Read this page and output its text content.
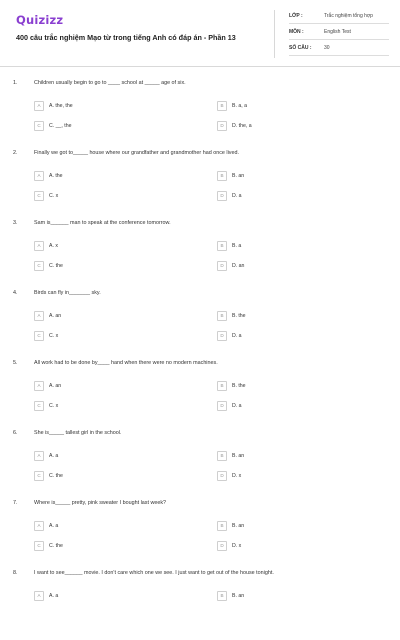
Quizizz
400 câu trắc nghiệm Mạo từ trong tiếng Anh có đáp án - Phần 13
LỚP :	Trắc nghiệm tổng hợp
MÔN :	English Test
SỐ CÂU :	30
1.	Children usually begin to go to ____ school at _____ age of six.
A	A. the, the	B	B. a, a
C	C. __, the	D	D. the, a
2.	Finally we got to_____ house where our grandfather and grandmother had once lived.
A	A. the	B	B. an
C	C. x	D	D. a
3.	Sam is______ man to speak at the conference tomorrow.
A	A. x	B	B. a
C	C. the	D	D. an
4.	Birds can fly in_______ sky.
A	A. an	B	B. the
C	C. x	D	D. a
5.	All work had to be done by____ hand when there were no modern machines.
A	A. an	B	B. the
C	C. x	D	D. a
6.	She is_____ tallest girl in the school.
A	A. a	B	B. an
C	C. the	D	D. x
7.	Where is_____ pretty, pink sweater I bought last week?
A	A. a	B	B. an
C	C. the	D	D. x
8.	I want to see______ movie. I don't care which one we see. I just want to get out of the house tonight.
A	A. a	B	B. an
